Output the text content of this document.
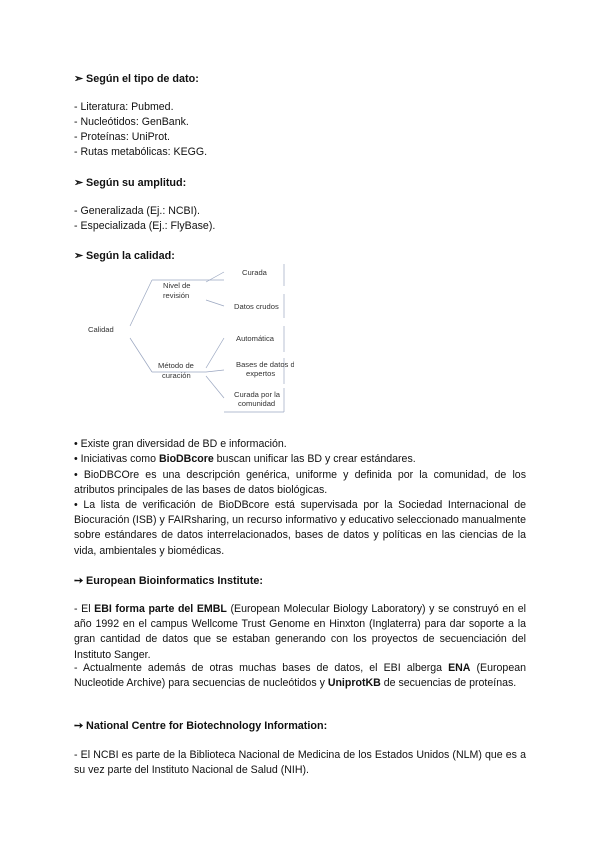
➣ Según el tipo de dato:
- Literatura: Pubmed.
- Nucleótidos: GenBank.
- Proteínas: UniProt.
- Rutas metabólicas: KEGG.
➣ Según su amplitud:
- Generalizada (Ej.: NCBI).
- Especializada (Ej.: FlyBase).
➣ Según la calidad:
Calidad
Nivel de
revisión
Curada
Datos crudos
Método de
curación
Automática
Bases de datos de
expertos
Curada por la
comunidad
• Existe gran diversidad de BD e información.
• Iniciativas como BioDBcore buscan unificar las BD y crear estándares.

• BioDBCOre es una descripción genérica, uniforme y definida por la comunidad, de los atributos principales de las bases de datos biológicas.

• La lista de verificación de BioDBcore está supervisada por la Sociedad Internacional de Biocuración (ISB) y FAIRsharing, un recurso informativo y educativo seleccionado manualmente sobre estándares de datos interrelacionados, bases de datos y políticas en las ciencias de la vida, ambientales y biomédicas.

➙ European Bioinformatics Institute:

- El EBI forma parte del EMBL (European Molecular Biology Laboratory) y se construyó en el año 1992 en el campus Wellcome Trust Genome en Hinxton (Inglaterra) para dar soporte a la gran cantidad de datos que se estaban generando con los proyectos de secuenciación del Instituto Sanger.

- Actualmente además de otras muchas bases de datos, el EBI alberga ENA (European Nucleotide Archive) para secuencias de nucleótidos y UniprotKB de secuencias de proteínas.

➙ National Centre for Biotechnology Information:

- El NCBI es parte de la Biblioteca Nacional de Medicina de los Estados Unidos (NLM) que es a su vez parte del Instituto Nacional de Salud (NIH).
